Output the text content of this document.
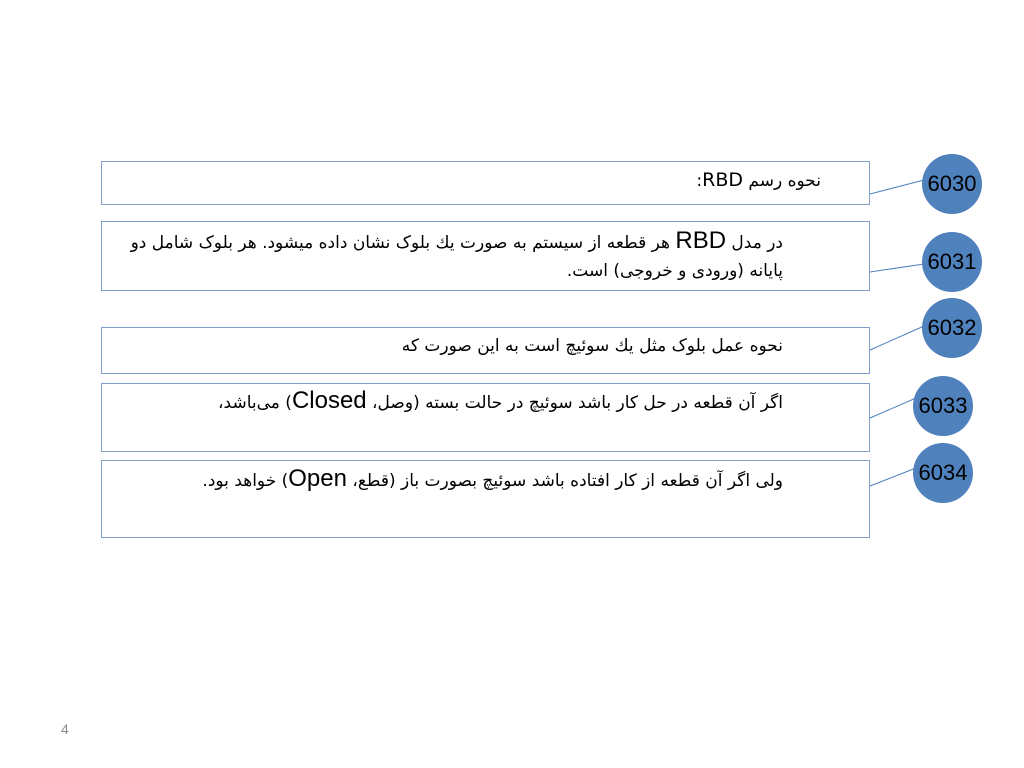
نحوه رسم RBD:
در مدل RBD هر قطعه از سیستم به صورت يك بلوک نشان داده میشود. هر بلوک شامل دو پایانه (ورودی و خروجی) است.
نحوه عمل بلوک مثل يك سوئیچ است به این صورت که
اگر آن قطعه در حل کار باشد سوئیچ در حالت بسته (وصل، Closed) می‌باشد،
ولی اگر آن قطعه از کار افتاده باشد سوئیچ بصورت باز (قطع، Open) خواهد بود.
6030
6031
6032
6033
6034
4
